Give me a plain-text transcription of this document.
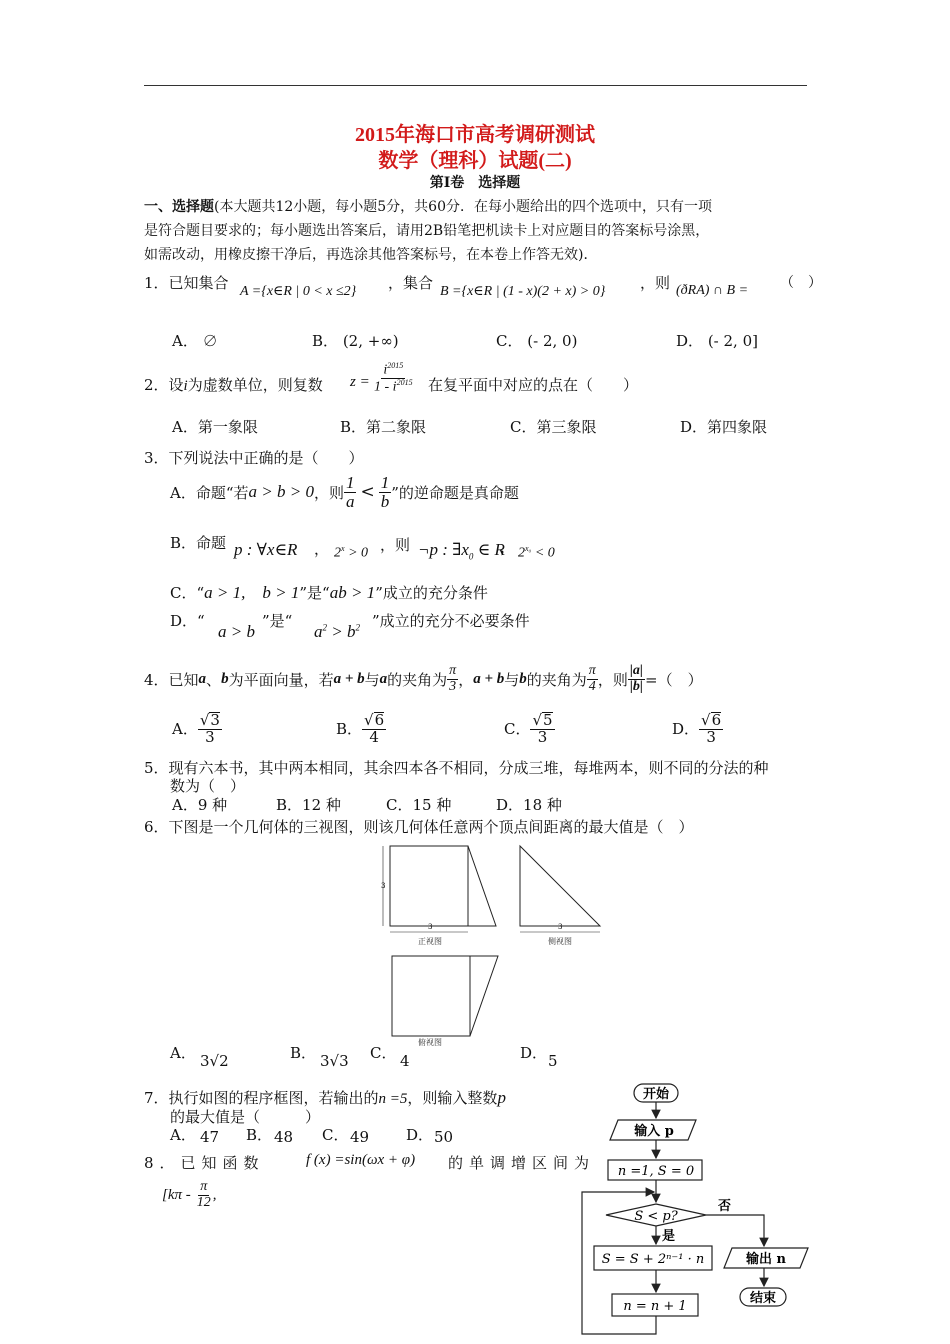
2015年海口市高考调研测试
数学（理科）试题(二)
第Ⅰ卷　选择题
一、选择题(本大题共12小题，每小题5分，共60分．在每小题给出的四个选项中，只有一项
是符合题目要求的；每小题选出答案后，请用2B铅笔把机读卡上对应题目的答案标号涂黑，
如需改动，用橡皮擦干净后，再选涂其他答案标号，在本卷上作答无效)．
1．已知集合 A ={x∈R | 0 < x ≤2} ，集合 B ={x∈R | (1 - x)(2 + x) > 0} ，则 (ðRA) ∩ B = （　）
A． ∅	B． (2, +∞)	C． (- 2, 0)	D． (- 2, 0]
2．设i为虚数单位，则复数 $z = \frac{i^{2015}}{1 - i^{2015}}$ 在复平面中对应的点在（　　）
A．第一象限	B．第二象限	C．第三象限	D．第四象限
3．下列说法中正确的是（　　）
A．命题“若 a > b > 0 ，则 $\frac{1}{a} < \frac{1}{b}$ ”的逆命题是真命题
B．命题 p : ∀x∈R ， $2^x > 0$ ，则 ¬p : $\exists x_0$ ∈ R
， $2^{x_0} < 0$
C．“a > 1,　b > 1”是“ab > 1”成立的充分条件
D．“
a > b
”是“
$a^2 > b^2$ ”成立的充分不必要条件
4．已知 a 、 b 为平面向量，若 a + b 与 a 的夹角为 $\frac{\pi}{3}$ ， a + b 与 b 的夹角为 $\frac{\pi}{4}$ ，则 $\frac{|a|}{|b|}$ =（　）
A． $\frac{√3}{3}$	B． $\frac{√6}{4}$	C． $\frac{√5}{3}$	D． $\frac{√6}{3}$
5．现有六本书，其中两本相同，其余四本各不相同，分成三堆，每堆两本，则不同的分法的种
数为（　）
A．9 种	B．12 种	C．15 种	D．18 种
6．下图是一个几何体的三视图，则该几何体任意两个顶点间距离的最大值是（　）
3
3
正视图
3
侧视图
俯视图
A． 3√2	B． 3√3 C． 4	D． 5
7．执行如图的程序框图，若输出的n =5，则输入整数p
的最大值是（　　　）
A． 47 B． 48 C． 49 D． 50
8．已知函数	f (x) =sin(ωx + φ) 的单调增区间为
[$k\pi - \frac{\pi}{12}$ ,
开始
输入 p
n =1, S = 0
S < p?
否
是
S = S + 2ⁿ⁻¹ · n
n = n + 1
输出 n
结束
